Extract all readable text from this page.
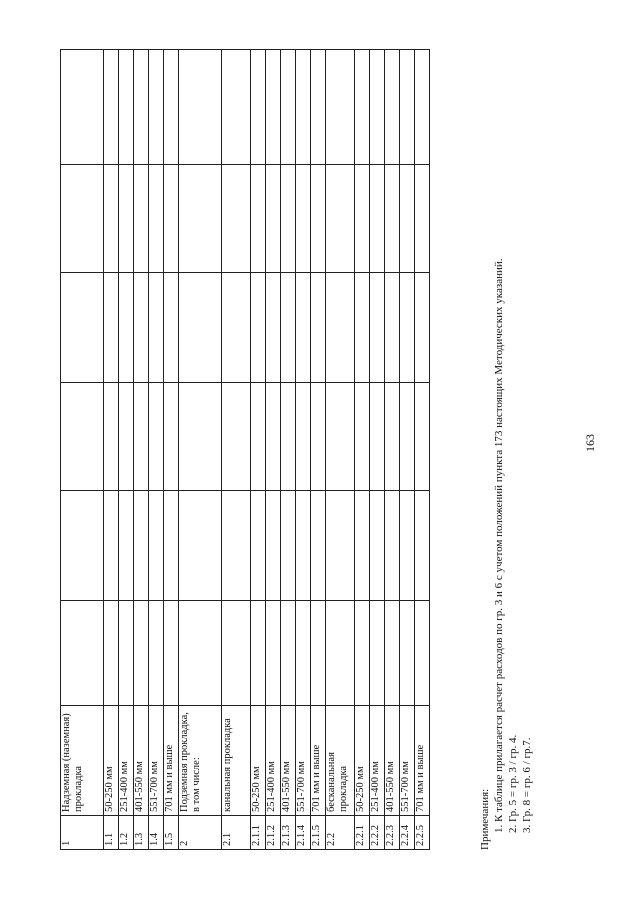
1	Надземная (наземная) прокладка						
1.1	50-250 мм						
1.2	251-400 мм						
1.3	401-550 мм						
1.4	551-700 мм						
1.5	701 мм и выше						
2	Подземная прокладка, в том числе:						
2.1	канальная прокладка						
2.1.1	50-250 мм						
2.1.2	251-400 мм						
2.1.3	401-550 мм						
2.1.4	551-700 мм						
2.1.5	701 мм и выше						
2.2	бесканальная прокладка						
2.2.1	50-250 мм						
2.2.2	251-400 мм						
2.2.3	401-550 мм						
2.2.4	551-700 мм						
2.2.5	701 мм и выше						
Примечания: 1. К таблице прилагается расчет расходов по гр. 3 и 6 с учетом положений пункта 173 настоящих Методических указаний. 2. Гр. 5 = гр. 3 / гр. 4. 3. Гр. 8 = гр. 6 / гр.7.
163
